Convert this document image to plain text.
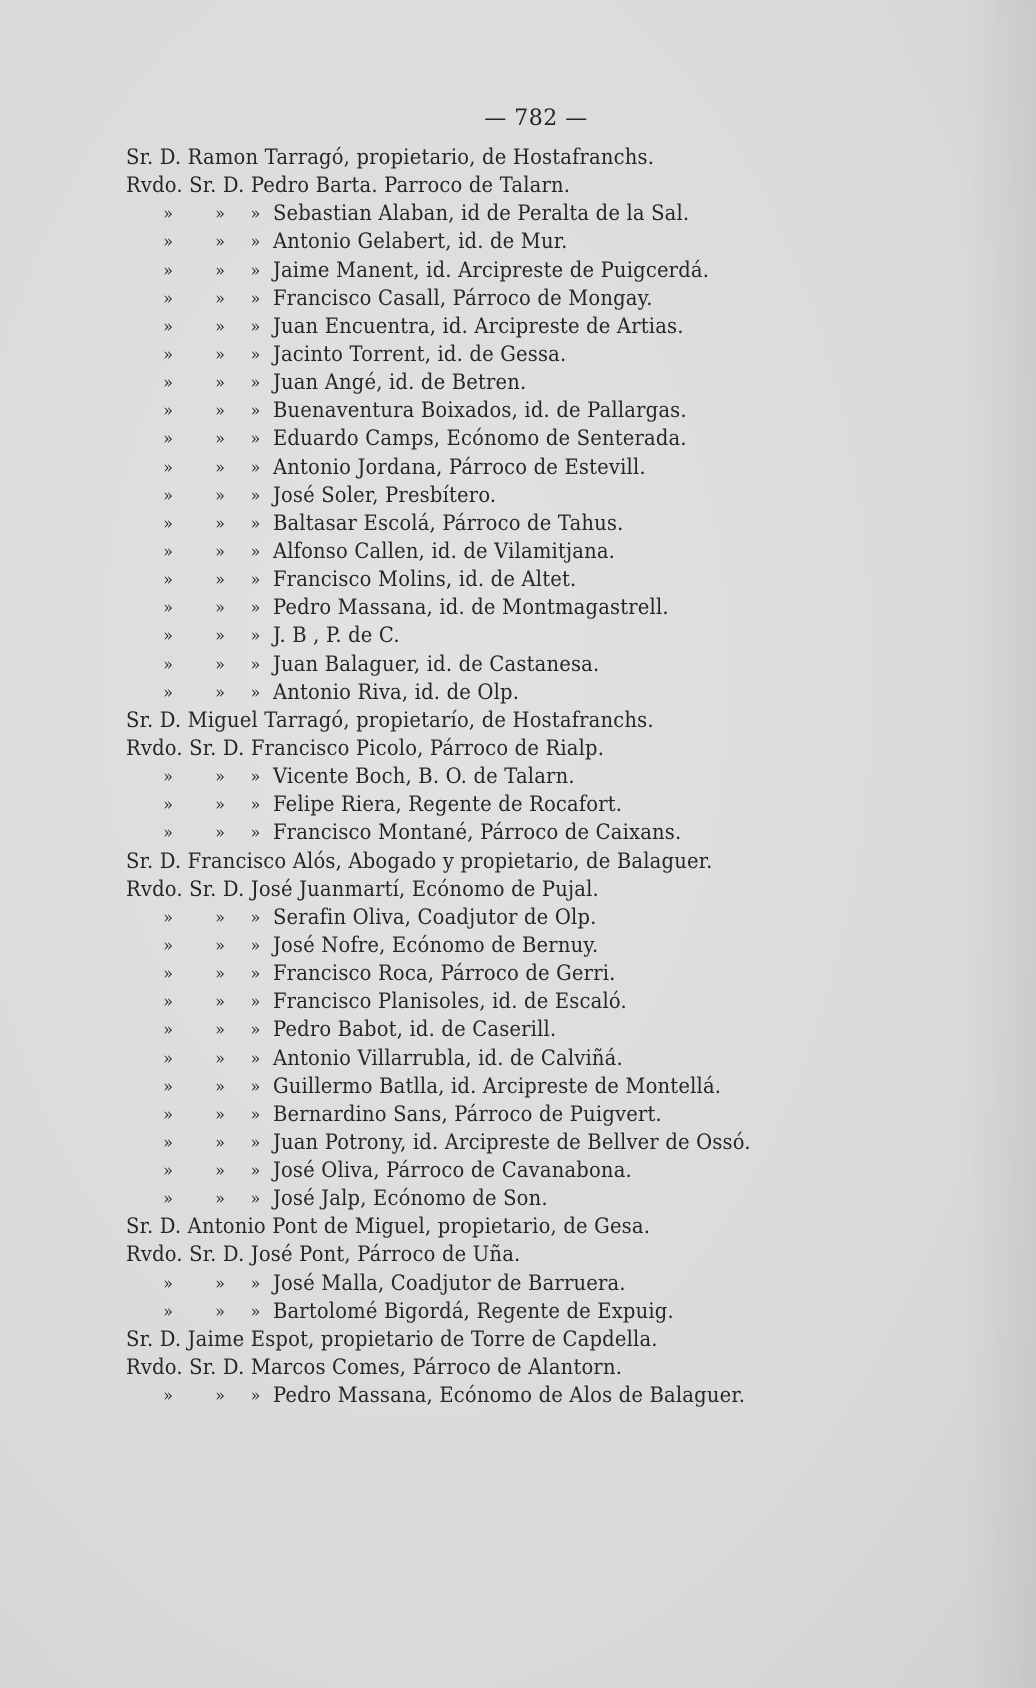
— 782 —
Sr. D. Ramon Tarragó, propietario, de Hostafranchs.
Rvdo. Sr. D. Pedro Barta. Parroco de Talarn.
» » » Sebastian Alaban, id de Peralta de la Sal.
» » » Antonio Gelabert, id. de Mur.
» » » Jaime Manent, id. Arcipreste de Puigcerdá.
» » » Francisco Casall, Párroco de Mongay.
» » » Juan Encuentra, id. Arcipreste de Artias.
» » » Jacinto Torrent, id. de Gessa.
» » » Juan Angé, id. de Betren.
» » » Buenaventura Boixados, id. de Pallargas.
» » » Eduardo Camps, Ecónomo de Senterada.
» » » Antonio Jordana, Párroco de Estevill.
» » » José Soler, Presbítero.
» » » Baltasar Escolá, Párroco de Tahus.
» » » Alfonso Callen, id. de Vilamitjana.
» » » Francisco Molins, id. de Altet.
» » » Pedro Massana, id. de Montmagastrell.
» » » J. B , P. de C.
» » » Juan Balaguer, id. de Castanesa.
» » » Antonio Riva, id. de Olp.
Sr. D. Miguel Tarragó, propietarío, de Hostafranchs.
Rvdo. Sr. D. Francisco Picolo, Párroco de Rialp.
» » » Vicente Boch, B. O. de Talarn.
» » » Felipe Riera, Regente de Rocafort.
» » » Francisco Montané, Párroco de Caixans.
Sr. D. Francisco Alós, Abogado y propietario, de Balaguer.
Rvdo. Sr. D. José Juanmartí, Ecónomo de Pujal.
» » » Serafin Oliva, Coadjutor de Olp.
» » » José Nofre, Ecónomo de Bernuy.
» » » Francisco Roca, Párroco de Gerri.
» » » Francisco Planisoles, id. de Escaló.
» » » Pedro Babot, id. de Caserill.
» » » Antonio Villarrubla, id. de Calviñá.
» » » Guillermo Batlla, id. Arcipreste de Montellá.
» » » Bernardino Sans, Párroco de Puigvert.
» » » Juan Potrony, id. Arcipreste de Bellver de Ossó.
» » » José Oliva, Párroco de Cavanabona.
» » » José Jalp, Ecónomo de Son.
Sr. D. Antonio Pont de Miguel, propietario, de Gesa.
Rvdo. Sr. D. José Pont, Párroco de Uña.
» » » José Malla, Coadjutor de Barruera.
» » » Bartolomé Bigordá, Regente de Expuig.
Sr. D. Jaime Espot, propietario de Torre de Capdella.
Rvdo. Sr. D. Marcos Comes, Párroco de Alantorn.
» » » Pedro Massana, Ecónomo de Alos de Balaguer.
